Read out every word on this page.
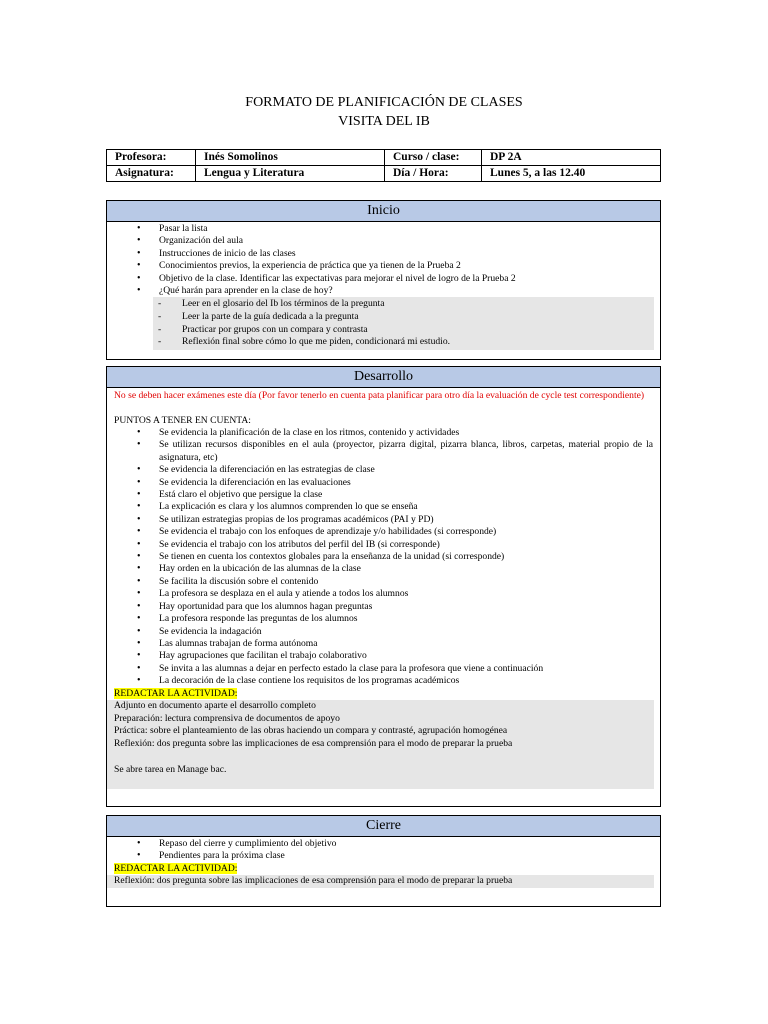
FORMATO DE PLANIFICACIÓN DE CLASES
VISITA DEL IB
Profesora:	Inés Somolinos	Curso / clase:	DP 2A
Asignatura:	Lengua y Literatura	Día / Hora:	Lunes 5, a las 12.40
Inicio
• Pasar la lista
• Organización del aula
• Instrucciones de inicio de las clases
• Conocimientos previos, la experiencia de práctica que ya tienen de la Prueba 2
• Objetivo de la clase. Identificar las expectativas para mejorar el nivel de logro de la Prueba 2
• ¿Qué harán para aprender en la clase de hoy?
- Leer en el glosario del Ib los términos de la pregunta
- Leer la parte de la guía dedicada a la pregunta
- Practicar por grupos con un compara y contrasta
- Reflexión final sobre cómo lo que me piden, condicionará mi estudio.
Desarrollo
No se deben hacer exámenes este día (Por favor tenerlo en cuenta pata planificar para otro día la evaluación de cycle test correspondiente)
PUNTOS A TENER EN CUENTA:
• Se evidencia la planificación de la clase en los ritmos, contenido y actividades
• Se utilizan recursos disponibles en el aula (proyector, pizarra digital, pizarra blanca, libros, carpetas, material propio de la asignatura, etc)
• Se evidencia la diferenciación en las estrategias de clase
• Se evidencia la diferenciación en las evaluaciones
• Está claro el objetivo que persigue la clase
• La explicación es clara y los alumnos comprenden lo que se enseña
• Se utilizan estrategias propias de los programas académicos (PAI y PD)
• Se evidencia el trabajo con los enfoques de aprendizaje y/o habilidades (si corresponde)
• Se evidencia el trabajo con los atributos del perfil del IB (si corresponde)
• Se tienen en cuenta los contextos globales para la enseñanza de la unidad (si corresponde)
• Hay orden en la ubicación de las alumnas de la clase
• Se facilita la discusión sobre el contenido
• La profesora se desplaza en el aula y atiende a todos los alumnos
• Hay oportunidad para que los alumnos hagan preguntas
• La profesora responde las preguntas de los alumnos
• Se evidencia la indagación
• Las alumnas trabajan de forma autónoma
• Hay agrupaciones que facilitan el trabajo colaborativo
• Se invita a las alumnas a dejar en perfecto estado la clase para la profesora que viene a continuación
• La decoración de la clase contiene los requisitos de los programas académicos
REDACTAR LA ACTIVIDAD:
Adjunto en documento aparte el desarrollo completo
Preparación: lectura comprensiva de documentos de apoyo
Práctica: sobre el planteamiento de las obras haciendo un compara y contrasté, agrupación homogénea
Reflexión: dos pregunta sobre las implicaciones de esa comprensión para el modo de preparar la prueba
Se abre tarea en Manage bac.
Cierre
• Repaso del cierre y cumplimiento del objetivo
• Pendientes para la próxima clase
REDACTAR LA ACTIVIDAD:
Reflexión: dos pregunta sobre las implicaciones de esa comprensión para el modo de preparar la prueba
